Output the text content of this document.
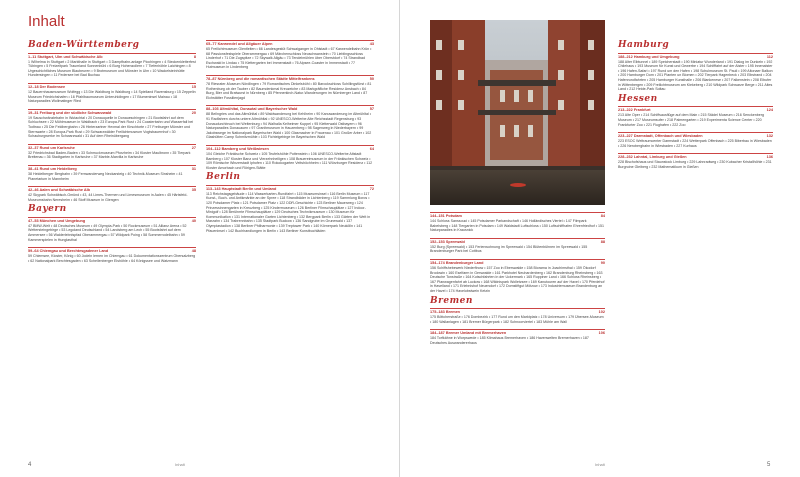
Inhalt
Baden-Württemberg
1–11 Stuttgart, Ulm und Schwäbische Alb	8
1 Wilhelma in Stuttgart • 2 Markthalle in Stuttgart • 3 Dampfbahn-anlage Plochingen • 4 Steckenkletterfest Tübingen • 5 Freizeitpark Traumland Sonnenbühl • 6 Burg Hohenzollern • 7 Tiefenhöhle Laichingen • 8 Urgeschichtliches Museum Blaubeuren • 9 Brotmuseum und Münster in Ulm • 10 Wackelsteinhütte Hundersingen • 11 Federsee bei Bad Buchau
12–18 Der Bodensee	15
12 Bauernhausmuseum Wolfegg • 13 Die Waldburg in Waldburg • 14 Spielland Ravensburg • 15 Zeppelin Museum Friedrichshafen • 16 Pfahlbaumuseum Unteruhldingen • 17 Blumeninsel Mainau • 18 Naturparadies Wollmatinger Ried
19–31 Freiburg und der südliche Schwarzwald	20
19 Sauschwänzlebahn in Wutachtal • 20 Donauquelle in Donaueschingen • 21 Bootsfahrt auf dem Schluchsee • 22 Mühlmuseum in Waldbach • 23 Europa-Park Rust • 24 Coasterbahn und Wasserfall bei Todtnau • 25 Die Feldbergbahn • 26 Hinterzartner Hexmal der Kirschtorte • 27 Freiburger Münster und Sternwarte • 28 Europa-Park Rust • 29 Schwarzwälder Freilichtmuseum Vogtsbauernhof • 30 Schauburgwerke im Schwarzwald • 31 Auf dem Rheinübergang
32–37 Rund um Karlsruhe	27
32 Friedrichsbad Baden-Baden • 33 Schmuckmuseum Pforzheim • 34 Kloster Maulbronn • 35 Tierpark Breitenau • 36 Stadtgarten in Karlsruhe • 37 Marble-Marvilla in Karlsruhe
38–41 Rund um Heidelberg	31
38 Heidelberger Bergbahn • 39 Fernwanderweg Neckarsteig • 40 Technik-Museum Sinsheim • 41 Planetarium in Mannheim
42–46 Aalen und Schwäbische Alb	35
42 Skypark Schwäbisch-Gmünd • 43, 44 Limes-Thermen und Limesmuseum in Aalen • 45 Härtsfeld-Museumsbahn Neresheim • 46 Stoff Museum in Giengen
Bayern
47–53 München und Umgebung	40
47 BMW-Welt • 48 Deutsches Museum • 49 Olympia-Park • 50 Rockmuseum • 51 Allianz Arena • 52 Wettersteingebirge • 53 Legoland Deutschland • 54 Landsberg am Lech • 55 Bootsfahrt auf dem Ammersee • 56 Walderlebnispfad Oberammergau • 57 Wildpark Poing • 58 Sommerrodelbahn • 59 Kammerspielen in Hunglasthal
59–64 Chiemgau und Berchtesgadener Land	48
59 Chiemsee, Kloster, König • 60 Jodeln lernen im Chiemgau • 61 Dokumentationszentrum Obersalzberg • 62 Nationalpark Berchtesgaden • 63 Schellenberger Eishöhle • 64 Königssee und Watzmann
65–77 Karwendel und Allgäuer Alpen	43
65 Freilichtmuseum Glentleiten • 66 Landesgestüt Schwaiganger in Ohlstadt • 67 Karwendelbahn Krün • 68 Passionsfestspiele Oberammergau • 69 Märchenschloss Neuschwanstein • 70 Lieblingsschloss Linderhof • 71 Die Zugspitze • 72 Skywalk Allgäu • 73 Tendelmühlen über Oberstdorf • 74 Strandbad Eschwald in Lindau • 75 Klettergarten bei Immenstadt • 76 Alpsee-Coaster in Immenstadt • 77 Hutmuseum in Lindenberg
78–87 Nürnberg und die romantischen Städte Mittelfrankens	50
78 Riesrater-Museum Nördlingen • 79 Romantisches Dinkelsbühl • 80 Barockschloss Schillingsfürst • 81 Rothenburg ob der Tauber • 82 Baumdenkmal Kreuzeiche • 83 Markgräfliche Residenz Ansbach • 84 Burg, Bier und Bratwurst in Nürnberg • 85 Pfennerkirch-Natur-Wanderungen im Nürnberger Land • 87 Eichstätter Fossilienjagd
88–103 Altmühltal, Donautal und Bayerischer Wald	57
88 Beilngries und das Altmühltal • 89 Waldwanderung bei Kehlheim • 90 Kanuwanderung im Altmühltal • 91 Radfahren durchs untere Altmühltal • 92 UNESCO-Welterbe Alte Reichsstadt Regensburg • 93 Donaudurchbruch bei Weltenburg • 94 Walhalla Kelheimer Kuppel • 95 Kletterwald Ostbayern • 96 Naturparadies Donauauen • 97 Granitmuseum in Hauzenberg • 98 Sagenweg in Niederbayern • 99 Jakobswege im Nationalpark Bayerischer Wald • 100 Glasmacher in Frauenau • 101 Großer Arber • 102 Glashütten Camp Schmitzmühle • 103 Fichtelgebirge im Bayerischen Wald
104–112 Bamberg und Weißwiesen	64
104 Gleiche Fränkische Schweiz • 105 Teufelshöhle Pottenstein • 106 UNESCO-Welterbe Altstadt Bamberg • 107 Kloster Banz und Vierzehnheiligen • 108 Brauereimuseum in der Fränkischen Schweiz • 109 Römische Winzerstadt Iphofen • 110 Rokokogarten Veitshöchheim • 111 Würzburger Residenz • 112 Kloster Amorbach und Rörigen-Stätte
Berlin
113–143 Hauptstadt Berlin und Umland	72
113 Reichstagsgebäude • 114 Wasserkarten-Rundfahrt • 115 Museumsinsel • 116 Berlin Museum • 117 Kunst-, Buch- und Antikmärkte an der Spree • 118 Strandbäder in Lichtenberg • 119 Sammlung Boros • 120 Potsdamer Platz • 121 Potsdamer Platz • 122 DDR-Geschichte • 123 Berliner Mauerweg • 124 Prinzessinnengarten in Kreuzberg • 125 Kindermuseum • 126 Berliner Filmschauplätze • 127 Indoor-Minigolf • 128 Berühmte Filmschauplätze • 129 Deutsches Technikmuseum • 130 Museum für Kommunikation • 131 Internationaler Garten Lichtenberg • 132 Bergpark Berlin • 133 Gärten der Welt in Marzahn • 134 Trabrennbahn • 135 Stadtpark Buckow • 136 Sandgrube im Grunewald • 137 Olympiastadion • 138 Berliner Philharmonie • 139 Treptower Park • 140 Körnerpark Neukölln • 141 Pfaueninsel • 142 Buchhandlungen in Berlin • 143 Berliner Kunstbuchläden
4	Inhalt
144–151 Potsdam	84
144 Schloss Sanssouci • 145 Potsdamer Parkandschaft • 146 Holländisches Viertel • 147 Filmpark Babelsberg • 148 Tiergarten in Potsdam • 149 Waldstadt Luftschloss • 150 Luftschiffhafen Ehrenfriedhof • 151 Naturparadies in Krausnick
152–153 Spreewald	88
152 Burg (Spreewald) • 153 Ferienwohnung im Spreewald • 154 Blütenbühnen im Spreewald • 155 Brandenburger Park bei Cottbus
154–174 Brandenburger Land	90
156 Schiffshebewerk Niederfinow • 157 Zoo in Eberswalde • 158 Biorama in Joachimsthal • 159 Ökodorf Brodowin • 160 Eselfarm in Gerswalde • 161 Parkhotel Neuhardenberg • 162 Brandenburg Rheinsberg • 163 Deutsche Tonstraße • 164 Kutschfahrten in der Uckermark • 165 Ruppiner Land • 166 Schloss Rheinsberg • 167 Planwagenfahrt ab Luckow • 168 Wildnispark Wolletzsee • 169 Kanutouren auf der Havel • 170 Pferdehof in Havelland • 171 Erlebnishof Neuendorf • 172 Domstiftgut Mötzow • 173 Industriemuseum Brandenburg an der Havel • 174 Havelobstwein Ketzin
Bremen
175–183 Bremen	102
175 Böttcherstraße • 176 Dombezirk • 177 Rund um den Marktplatz • 178 Universum • 179 Übersee-Museum • 180 Wallanlagen • 181 Bremer Bürgerpark • 182 Schnoorviertel • 183 Mühle am Wall
184–187 Bremer Umland mit Bremerhaven	106
184 Torfkähne in Worpswede • 185 Klimahaus Bremerhaven • 186 Havenwelten Bremerhaven • 187 Deutsches Auswandererhaus
Hamburg
188–212 Hamburg und Umgebung	112
188 Alter Elbtunnel • 189 Speicherstadt • 190 Miniatur Wunderland • 191 Dialog im Dunkeln • 192 Chilehaus • 193 Museum für Kunst und Gewerbe • 194 Schifffahrt auf der Alster • 195 Innenalster • 196 Hafen-Safari • 197 Rund um den Hafen • 198 Schulmuseum St. Pauli • 199 Altonaer Balkon • 200 Hamburger Dom • 201 Planten un Blomen • 202 Tierpark Hagenbeck • 203 Elbstrand • 204 Hafenrundfahrten • 205 Hamburger Kunsthalle • 206 Blankenese • 207 Falkenstein • 208 Elbufer in Wittenbergen • 209 Freilichtmuseum am Kiekeberg • 210 Wildpark Schwarze Berge • 211 Altes Land • 212 Heide-Park Soltau
Hessen
213–222 Frankfurt	124
213 Alte Oper • 214 Schiffsausflüge auf dem Main • 215 Städel Museum • 216 Senckenberg Museum • 217 Museumsufer • 218 Palmengarten • 219 Experimenta Science Center • 220 Frankfurter Zoo • 221 Flughafen • 222 Zoo
223–227 Darmstadt, Offenbach und Wiesbaden	132
223 ESOC Weltraumcenter Darmstadt • 224 Wetterpark Offenbach • 225 Biberbau in Wiesbaden • 226 Nerobergbahn in Wiesbaden • 227 Kurhaus
228–232 Lahntal, Limburg und Gießen	136
228 Bischofshaus und Staunstock Limburg • 229 Lahnradweg • 230 Kubacher Kristallhöhle • 231 Burgruine Gleiberg • 232 Mathematikum in Gießen
Inhalt	5
